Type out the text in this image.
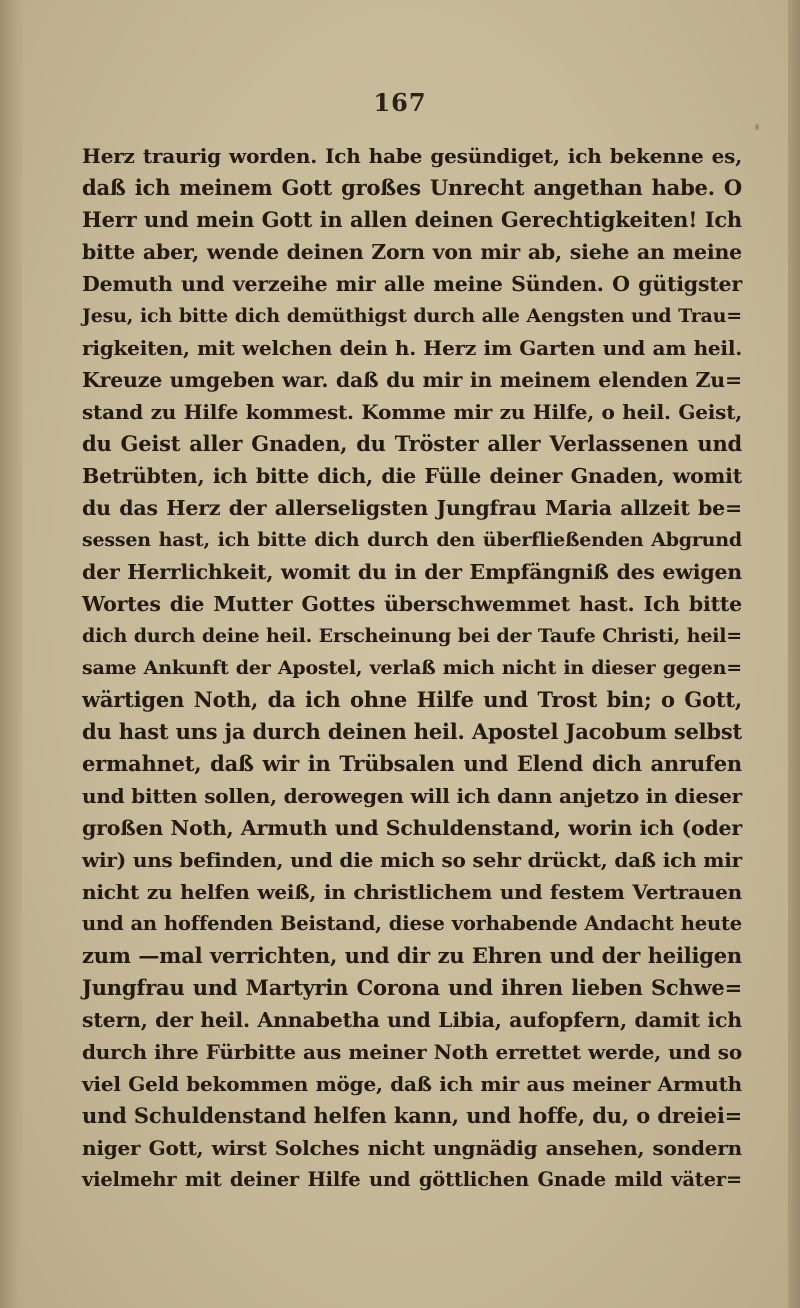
167
Herz traurig worden. Ich habe gesündiget, ich bekenne es,
daß ich meinem Gott großes Unrecht angethan habe. O
Herr und mein Gott in allen deinen Gerechtigkeiten! Ich
bitte aber, wende deinen Zorn von mir ab, siehe an meine
Demuth und verzeihe mir alle meine Sünden. O gütigster
Jesu, ich bitte dich demüthigst durch alle Aengsten und Trau=
rigkeiten, mit welchen dein h. Herz im Garten und am heil.
Kreuze umgeben war. daß du mir in meinem elenden Zu=
stand zu Hilfe kommest. Komme mir zu Hilfe, o heil. Geist,
du Geist aller Gnaden, du Tröster aller Verlassenen und
Betrübten, ich bitte dich, die Fülle deiner Gnaden, womit
du das Herz der allerseligsten Jungfrau Maria allzeit be=
sessen hast, ich bitte dich durch den überfließenden Abgrund
der Herrlichkeit, womit du in der Empfängniß des ewigen
Wortes die Mutter Gottes überschwemmet hast. Ich bitte
dich durch deine heil. Erscheinung bei der Taufe Christi, heil=
same Ankunft der Apostel, verlaß mich nicht in dieser gegen=
wärtigen Noth, da ich ohne Hilfe und Trost bin; o Gott,
du hast uns ja durch deinen heil. Apostel Jacobum selbst
ermahnet, daß wir in Trübsalen und Elend dich anrufen
und bitten sollen, derowegen will ich dann anjetzo in dieser
großen Noth, Armuth und Schuldenstand, worin ich (oder
wir) uns befinden, und die mich so sehr drückt, daß ich mir
nicht zu helfen weiß, in christlichem und festem Vertrauen
und an hoffenden Beistand, diese vorhabende Andacht heute
zum —mal verrichten, und dir zu Ehren und der heiligen
Jungfrau und Martyrin Corona und ihren lieben Schwe=
stern, der heil. Annabetha und Libia, aufopfern, damit ich
durch ihre Fürbitte aus meiner Noth errettet werde, und so
viel Geld bekommen möge, daß ich mir aus meiner Armuth
und Schuldenstand helfen kann, und hoffe, du, o dreiei=
niger Gott, wirst Solches nicht ungnädig ansehen, sondern
vielmehr mit deiner Hilfe und göttlichen Gnade mild väter=
